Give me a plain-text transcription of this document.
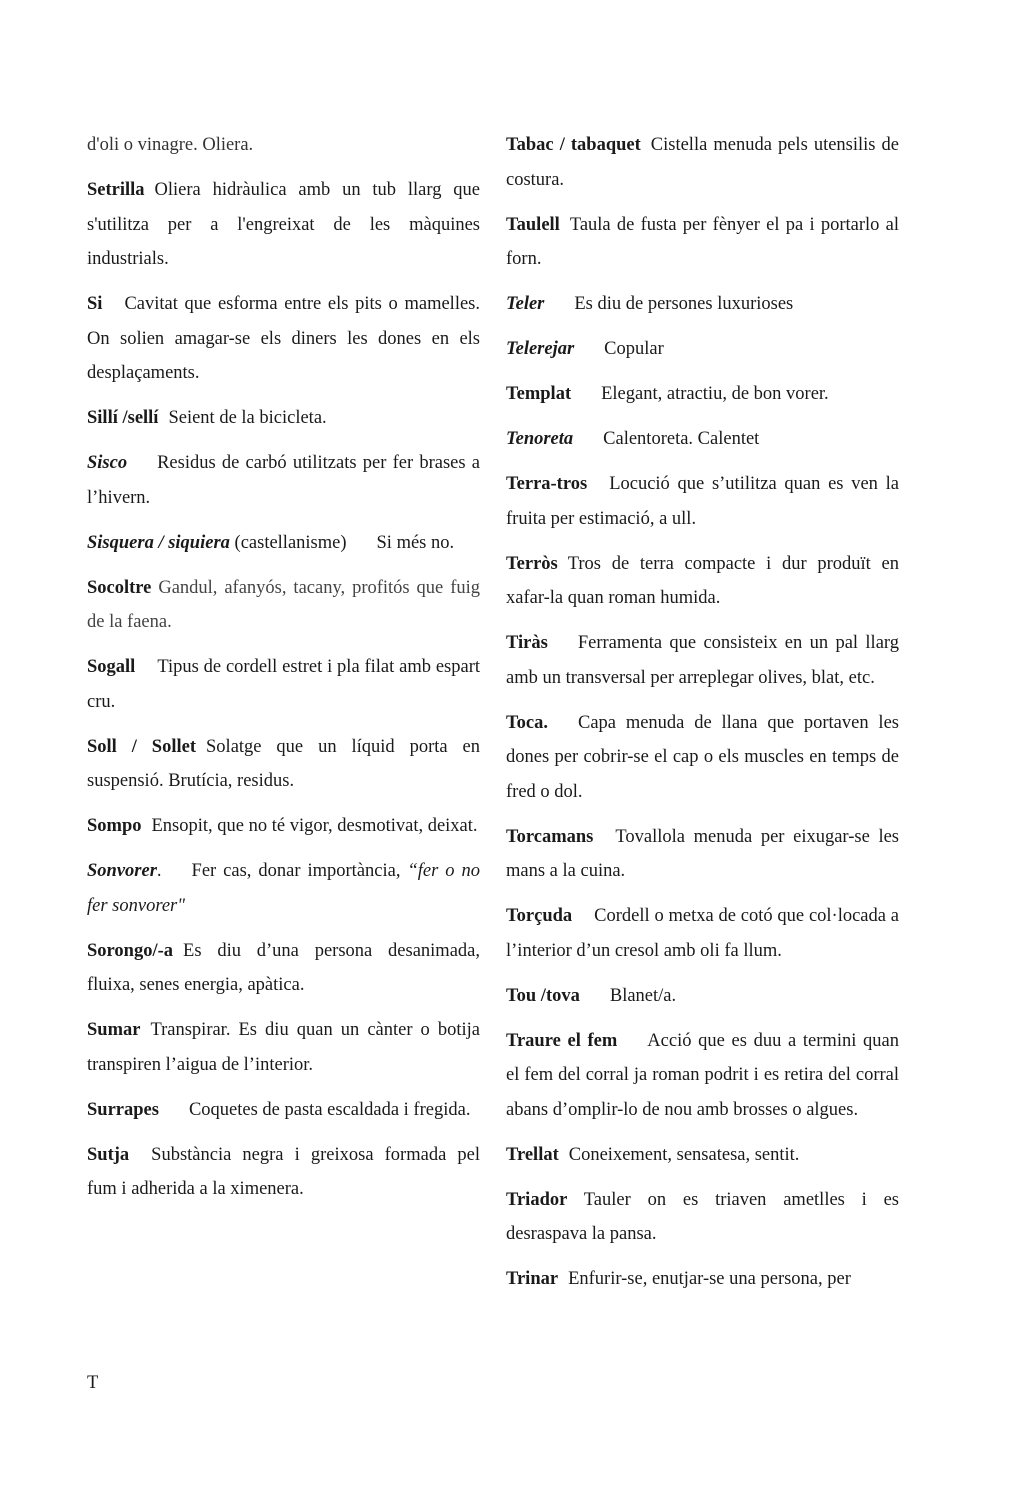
d'oli o vinagre. Oliera.

Setrilla Oliera hidràulica amb un tub llarg que s'utilitza per a l'engreixat de les màquines industrials.

Si Cavitat que esforma entre els pits o mamelles. On solien amagar-se els diners les dones en els desplaçaments.

Sillí /sellí Seient de la bicicleta.

Sisco Residus de carbó utilitzats per fer brases a l’hivern.

Sisquera / siquiera (castellanisme) Si més no.

Socoltre Gandul, afanyós, tacany, profitós que fuig de la faena.

Sogall Tipus de cordell estret i pla filat amb espart cru.

Soll / Sollet Solatge que un líquid porta en suspensió. Brutícia, residus.

Sompo Ensopit, que no té vigor, desmotivat, deixat.

Sonvorer. Fer cas, donar importància, “fer o no fer sonvorer"

Sorongo/-a Es diu d’una persona desanimada, fluixa, senes energia, apàtica.

Sumar Transpirar. Es diu quan un cànter o botija transpiren l’aigua de l’interior.

Surrapes Coquetes de pasta escaldada i fregida.

Sutja Substància negra i greixosa formada pel fum i adherida a la ximenera.

T

Tabac / tabaquet Cistella menuda pels utensilis de costura.

Taulell Taula de fusta per fènyer el pa i portarlo al forn.

Teler Es diu de persones luxurioses

Telerejar Copular

Templat Elegant, atractiu, de bon vorer.

Tenoreta Calentoreta. Calentet

Terra-tros Locució que s’utilitza quan es ven la fruita per estimació, a ull.

Terròs Tros de terra compacte i dur produït en xafar-la quan roman humida.

Tiràs Ferramenta que consisteix en un pal llarg amb un transversal per arreplegar olives, blat, etc.

Toca. Capa menuda de llana que portaven les dones per cobrir-se el cap o els muscles en temps de fred o dol.

Torcamans Tovallola menuda per eixugar-se les mans a la cuina.

Torçuda Cordell o metxa de cotó que col·locada a l’interior d’un cresol amb oli fa llum.

Tou /tova Blanet/a.

Traure el fem Acció que es duu a termini quan el fem del corral ja roman podrit i es retira del corral abans d’omplir-lo de nou amb brosses o algues.

Trellat Coneixement, sensatesa, sentit.

Triador Tauler on es triaven ametlles i es desraspava la pansa.

Trinar Enfurir-se, enutjar-se una persona, per
